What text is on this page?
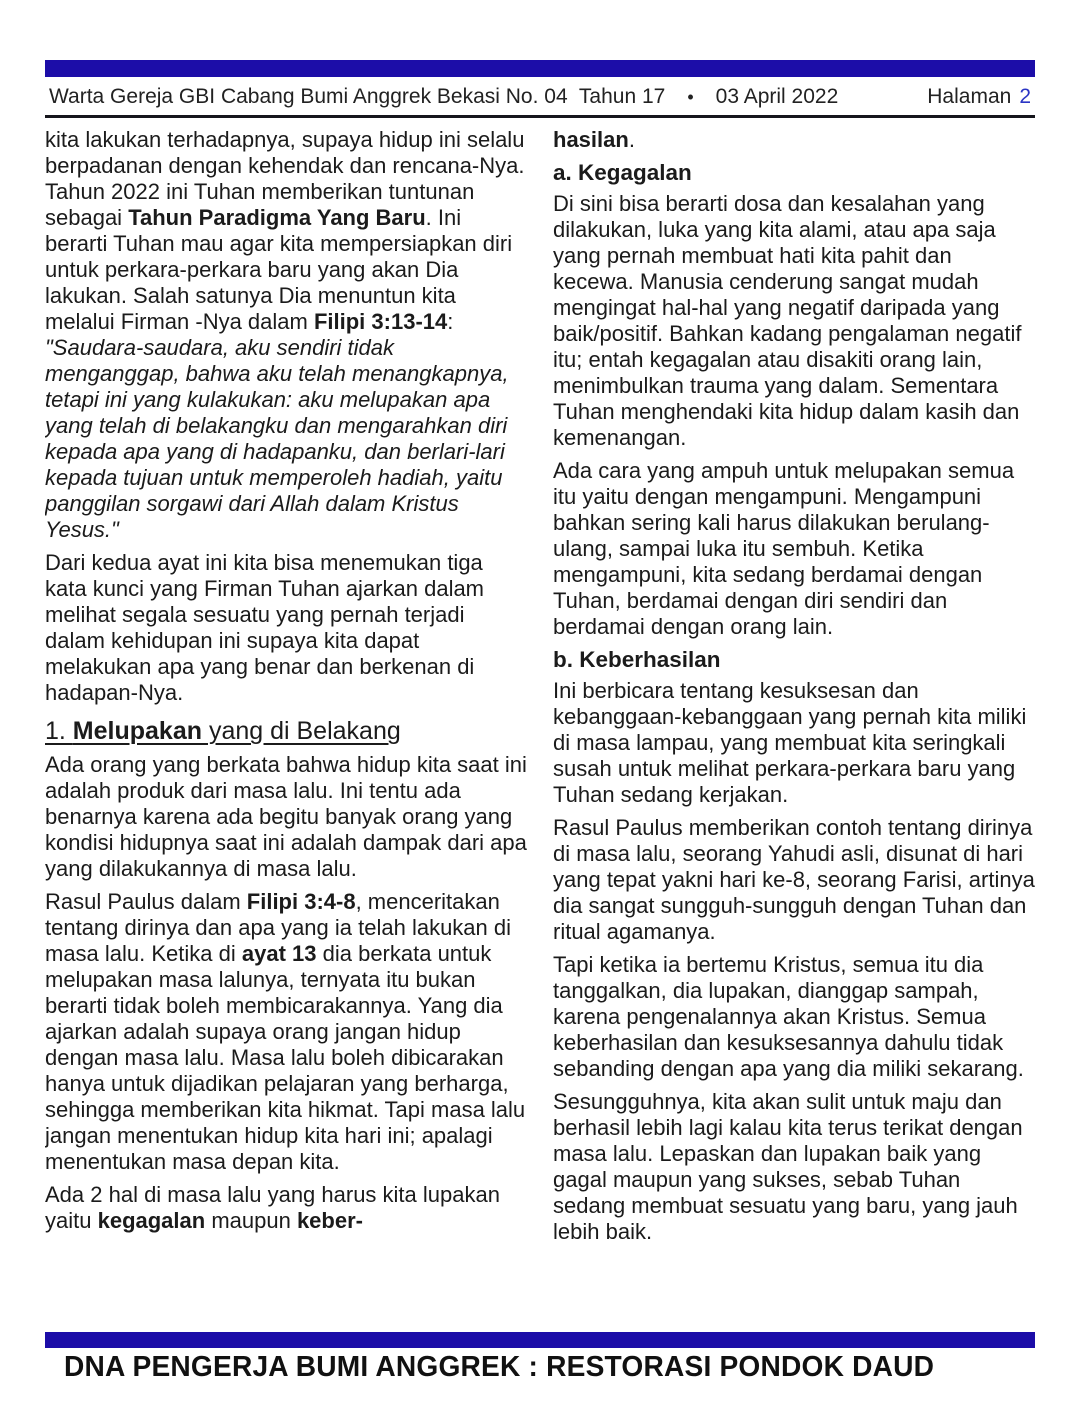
Warta Gereja GBI Cabang Bumi Anggrek Bekasi No. 04  Tahun 17 • 03 April 2022	Halaman 2

kita lakukan terhadapnya, supaya hidup ini selalu berpadanan dengan kehendak dan rencana-Nya. Tahun 2022 ini Tuhan memberikan tuntunan sebagai Tahun Paradigma Yang Baru. Ini berarti Tuhan mau agar kita mempersiapkan diri untuk perkara-perkara baru yang akan Dia lakukan. Salah satunya Dia menuntun kita melalui Firman -Nya dalam Filipi 3:13-14: "Saudara-saudara, aku sendiri tidak menganggap, bahwa aku telah menangkapnya, tetapi ini yang kulakukan: aku melupakan apa yang telah di belakangku dan mengarahkan diri kepada apa yang di hadapanku, dan berlari-lari kepada tujuan untuk memperoleh hadiah, yaitu panggilan sorgawi dari Allah dalam Kristus Yesus."

Dari kedua ayat ini kita bisa menemukan tiga kata kunci yang Firman Tuhan ajarkan dalam melihat segala sesuatu yang pernah terjadi dalam kehidupan ini supaya kita dapat melakukan apa yang benar dan berkenan di hadapan-Nya.

1. Melupakan yang di Belakang

Ada orang yang berkata bahwa hidup kita saat ini adalah produk dari masa lalu. Ini tentu ada benarnya karena ada begitu banyak orang yang kondisi hidupnya saat ini adalah dampak dari apa yang dilakukannya di masa lalu.

Rasul Paulus dalam Filipi 3:4-8, menceritakan tentang dirinya dan apa yang ia telah lakukan di masa lalu. Ketika di ayat 13 dia berkata untuk melupakan masa lalunya, ternyata itu bukan berarti tidak boleh membicarakannya. Yang dia ajarkan adalah supaya orang jangan hidup dengan masa lalu. Masa lalu boleh dibicarakan hanya untuk dijadikan pelajaran yang berharga, sehingga memberikan kita hikmat. Tapi masa lalu jangan menentukan hidup kita hari ini; apalagi menentukan masa depan kita.

Ada 2 hal di masa lalu yang harus kita lupakan yaitu kegagalan maupun keber-

hasilan.

a. Kegagalan

Di sini bisa berarti dosa dan kesalahan yang dilakukan, luka yang kita alami, atau apa saja yang pernah membuat hati kita pahit dan kecewa. Manusia cenderung sangat mudah mengingat hal-hal yang negatif daripada yang baik/positif. Bahkan kadang pengalaman negatif itu; entah kegagalan atau disakiti orang lain, menimbulkan trauma yang dalam. Sementara Tuhan menghendaki kita hidup dalam kasih dan kemenangan.

Ada cara yang ampuh untuk melupakan semua itu yaitu dengan mengampuni. Mengampuni bahkan sering kali harus dilakukan berulang-ulang, sampai luka itu sembuh. Ketika mengampuni, kita sedang berdamai dengan Tuhan, berdamai dengan diri sendiri dan berdamai dengan orang lain.

b. Keberhasilan

Ini berbicara tentang kesuksesan dan kebanggaan-kebanggaan yang pernah kita miliki di masa lampau, yang membuat kita seringkali susah untuk melihat perkara-perkara baru yang Tuhan sedang kerjakan.

Rasul Paulus memberikan contoh tentang dirinya di masa lalu, seorang Yahudi asli, disunat di hari yang tepat yakni hari ke-8, seorang Farisi, artinya dia sangat sungguh-sungguh dengan Tuhan dan ritual agamanya.

Tapi ketika ia bertemu Kristus, semua itu dia tanggalkan, dia lupakan, dianggap sampah, karena pengenalannya akan Kristus. Semua keberhasilan dan kesuksesannya dahulu tidak sebanding dengan apa yang dia miliki sekarang.

Sesungguhnya, kita akan sulit untuk maju dan berhasil lebih lagi kalau kita terus terikat dengan masa lalu. Lepaskan dan lupakan baik yang gagal maupun yang sukses, sebab Tuhan sedang membuat sesuatu yang baru, yang jauh lebih baik.

DNA PENGERJA BUMI ANGGREK : RESTORASI PONDOK DAUD
